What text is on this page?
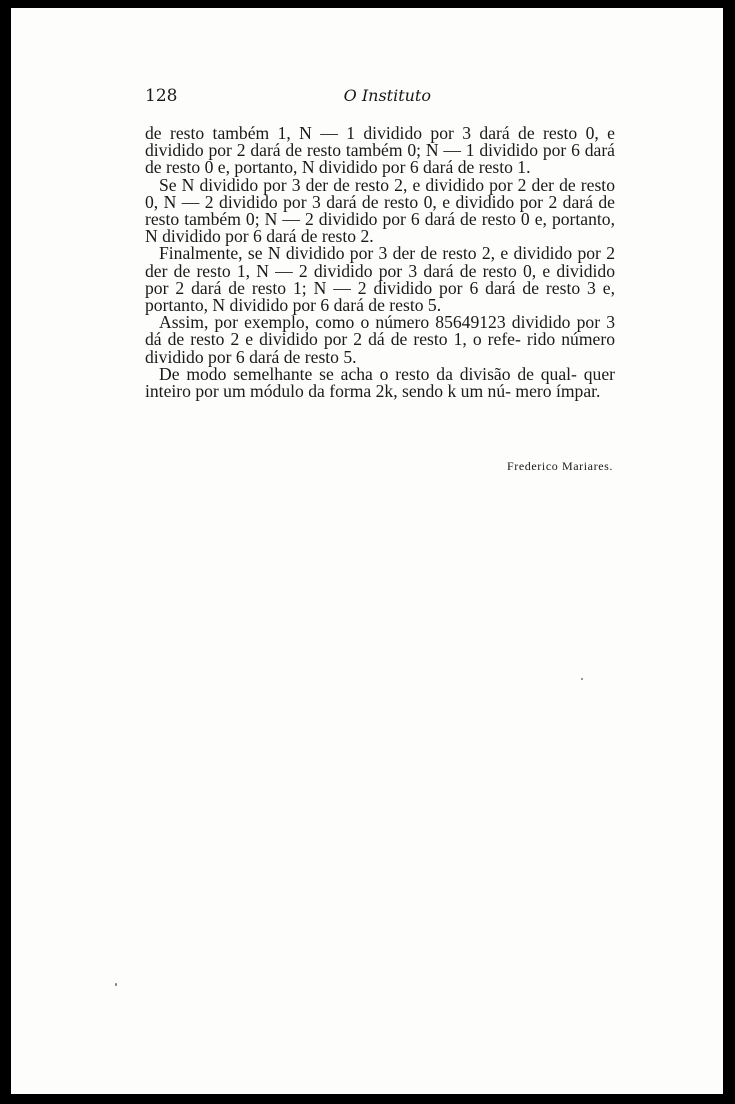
128	O Instituto

de resto também 1, N — 1 dividido por 3 dará de resto 0, e dividido por 2 dará de resto também 0; N — 1 dividido por 6 dará de resto 0 e, portanto, N dividido por 6 dará de resto 1.

Se N dividido por 3 der de resto 2, e dividido por 2 der de resto 0, N — 2 dividido por 3 dará de resto 0, e dividido por 2 dará de resto também 0; N — 2 dividido por 6 dará de resto 0 e, portanto, N dividido por 6 dará de resto 2.

Finalmente, se N dividido por 3 der de resto 2, e dividido por 2 der de resto 1, N — 2 dividido por 3 dará de resto 0, e dividido por 2 dará de resto 1; N — 2 dividido por 6 dará de resto 3 e, portanto, N dividido por 6 dará de resto 5.

Assim, por exemplo, como o número 85649123 dividido por 3 dá de resto 2 e dividido por 2 dá de resto 1, o refe- rido número dividido por 6 dará de resto 5.

De modo semelhante se acha o resto da divisão de qual- quer inteiro por um módulo da forma 2k, sendo k um nú- mero ímpar.

Frederico Mariares.
